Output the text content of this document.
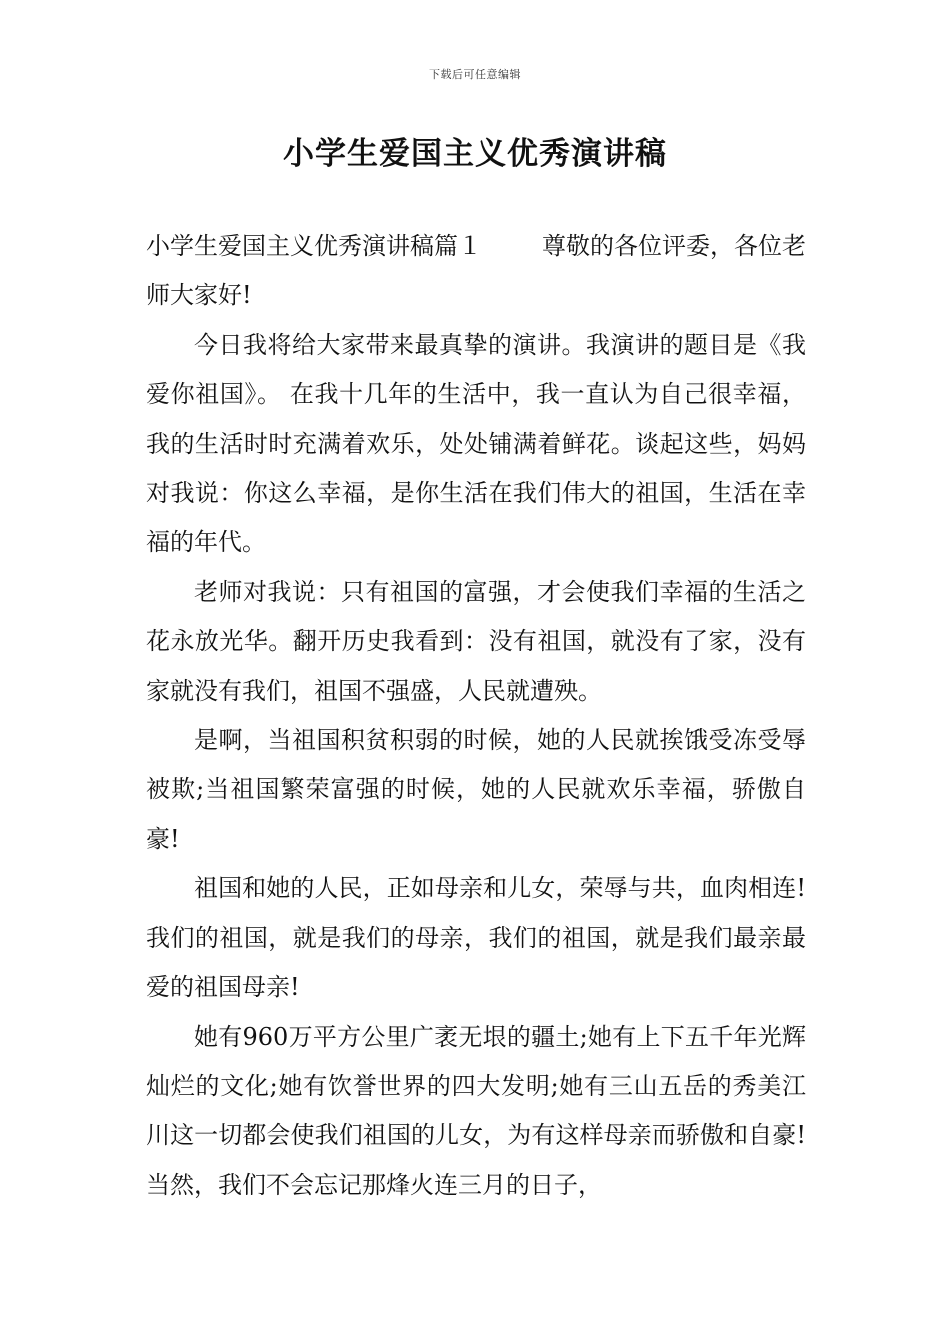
下载后可任意编辑
小学生爱国主义优秀演讲稿

小学生爱国主义优秀演讲稿篇１	尊敬的各位评委，各位老师大家好!

今日我将给大家带来最真挚的演讲。我演讲的题目是《我爱你祖国》。 在我十几年的生活中，我一直认为自己很幸福，我的生活时时充满着欢乐，处处铺满着鲜花。谈起这些，妈妈对我说：你这么幸福，是你生活在我们伟大的祖国，生活在幸福的年代。

老师对我说：只有祖国的富强，才会使我们幸福的生活之花永放光华。翻开历史我看到：没有祖国，就没有了家，没有家就没有我们，祖国不强盛，人民就遭殃。

是啊，当祖国积贫积弱的时候，她的人民就挨饿受冻受辱被欺;当祖国繁荣富强的时候，她的人民就欢乐幸福，骄傲自豪!

祖国和她的人民，正如母亲和儿女，荣辱与共，血肉相连!我们的祖国，就是我们的母亲，我们的祖国，就是我们最亲最爱的祖国母亲!

她有960万平方公里广袤无垠的疆土;她有上下五千年光辉灿烂的文化;她有饮誉世界的四大发明;她有三山五岳的秀美江川这一切都会使我们祖国的儿女，为有这样母亲而骄傲和自豪!当然，我们不会忘记那烽火连三月的日子，
